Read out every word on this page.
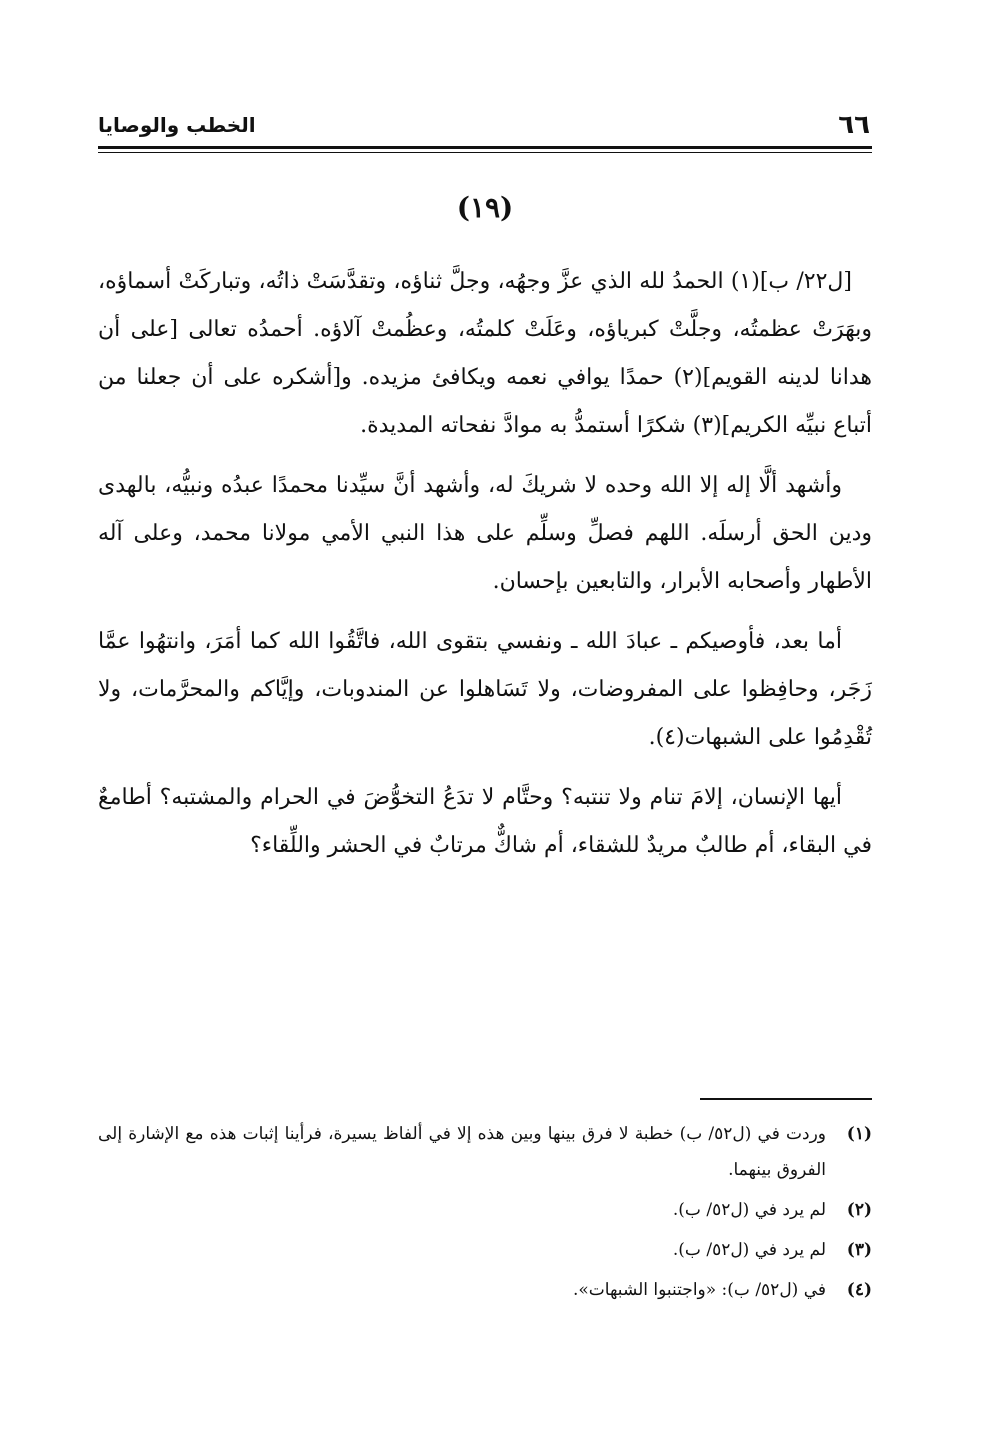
٦٦
الخطب والوصايا
(١٩)

[ل٢٢/ ب](١) الحمدُ لله الذي عزَّ وجهُه، وجلَّ ثناؤه، وتقدَّسَتْ ذاتُه، وتباركَتْ أسماؤه، وبهَرَتْ عظمتُه، وجلَّتْ كبرياؤه، وعَلَتْ كلمتُه، وعظُمتْ آلاؤه. أحمدُه تعالى [على أن هدانا لدينه القويم](٢) حمدًا يوافي نعمه ويكافئ مزيده. و[أشكره على أن جعلنا من أتباع نبيِّه الكريم](٣) شكرًا أستمدُّ به موادَّ نفحاته المديدة.

وأشهد ألَّا إله إلا الله وحده لا شريكَ له، وأشهد أنَّ سيِّدنا محمدًا عبدُه ونبيُّه، بالهدى ودين الحق أرسلَه. اللهم فصلِّ وسلِّم على هذا النبي الأمي مولانا محمد، وعلى آله الأطهار وأصحابه الأبرار، والتابعين بإحسان.

أما بعد، فأوصيكم ـ عبادَ الله ـ ونفسي بتقوى الله، فاتَّقُوا الله كما أمَرَ، وانتهُوا عمَّا زَجَر، وحافِظوا على المفروضات، ولا تَسَاهلوا عن المندوبات، وإيَّاكم والمحرَّمات، ولا تُقْدِمُوا على الشبهات(٤).

أيها الإنسان، إلامَ تنام ولا تنتبه؟ وحتَّام لا تدَعُ التخوُّضَ في الحرام والمشتبه؟ أطامعٌ في البقاء، أم طالبٌ مريدٌ للشقاء، أم شاكٌّ مرتابٌ في الحشر واللِّقاء؟

(١)
وردت في (ل٥٢/ ب) خطبة لا فرق بينها وبين هذه إلا في ألفاظ يسيرة، فرأينا إثبات هذه مع الإشارة إلى الفروق بينهما.
(٢)
لم يرد في (ل٥٢/ ب).
(٣)
لم يرد في (ل٥٢/ ب).
(٤)
في (ل٥٢/ ب): «واجتنبوا الشبهات».
